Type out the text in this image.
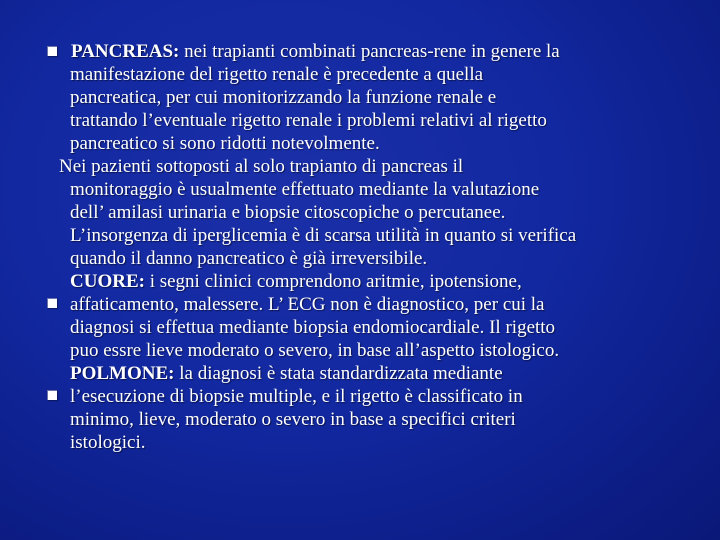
PANCREAS: nei trapianti combinati pancreas-rene in genere la
manifestazione del rigetto renale è precedente a quella
pancreatica, per cui monitorizzando la funzione renale e
trattando l’eventuale rigetto renale i problemi relativi al rigetto
pancreatico si sono ridotti notevolmente.
Nei pazienti sottoposti al solo trapianto di pancreas il
monitoraggio è usualmente effettuato mediante la valutazione
dell’ amilasi urinaria e biopsie citoscopiche o percutanee.
L’insorgenza di iperglicemia è di scarsa utilità in quanto si verifica
quando il danno pancreatico è già irreversibile.
CUORE: i segni clinici comprendono aritmie, ipotensione,
affaticamento, malessere. L’ ECG non è diagnostico, per cui la
diagnosi si effettua mediante biopsia endomiocardiale. Il rigetto
puo essre lieve moderato o severo, in base all’aspetto istologico.
POLMONE: la diagnosi è stata standardizzata mediante
l’esecuzione di biopsie multiple, e il rigetto è classificato in
minimo, lieve, moderato o severo in base a specifici criteri
istologici.
